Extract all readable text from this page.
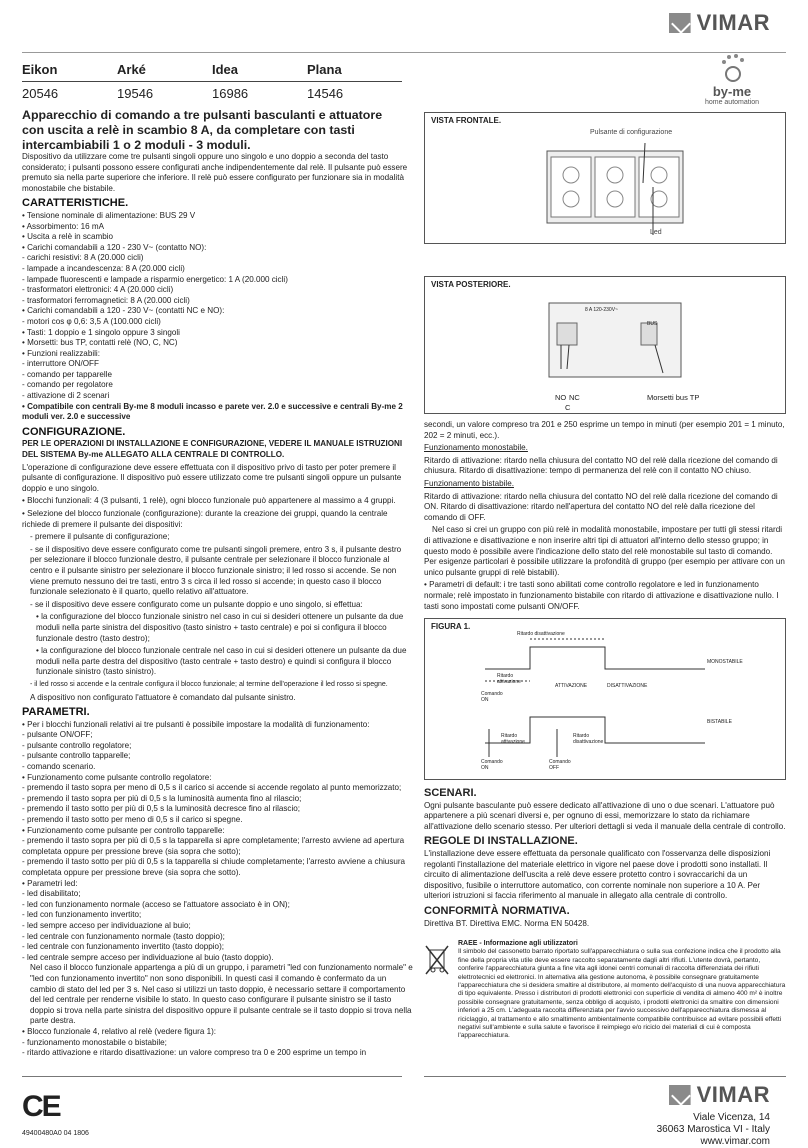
VIMAR
Eikon	Arké	Idea	Plana
20546	19546	16986	14546	by-me
home automation
Apparecchio di comando a tre pulsanti basculanti e attuatore con uscita a relè in scambio 8 A, da completare con tasti intercambiabili 1 o 2 moduli - 3 moduli.

Dispositivo da utilizzare come tre pulsanti singoli oppure uno singolo e uno doppio a seconda del tasto considerato; i pulsanti possono essere configurati anche indipendentemente dal relè. Il pulsante può essere premuto sia nella parte superiore che inferiore. Il relè può essere configurato per funzionare sia in modalità monostabile che bistabile.

CARATTERISTICHE.
• Tensione nominale di alimentazione: BUS 29 V
• Assorbimento: 16 mA
• Uscita a relè in scambio
• Carichi comandabili a 120 - 230 V~ (contatto NO):
- carichi resistivi: 8 A (20.000 cicli)
- lampade a incandescenza: 8 A (20.000 cicli)
- lampade fluorescenti e lampade a risparmio energetico: 1 A (20.000 cicli)
- trasformatori elettronici: 4 A (20.000 cicli)
- trasformatori ferromagnetici: 8 A (20.000 cicli)
• Carichi comandabili a 120 - 230 V~ (contatti NC e NO):
- motori cos φ 0,6: 3,5 A (100.000 cicli)
• Tasti: 1 doppio e 1 singolo oppure 3 singoli
• Morsetti: bus TP, contatti relè (NO, C, NC)
• Funzioni realizzabili:
- interruttore ON/OFF
- comando per tapparelle
- comando per regolatore
- attivazione di 2 scenari
• Compatibile con centrali By-me 8 moduli incasso e parete ver. 2.0 e successive e centrali By-me 2 moduli ver. 2.0 e successive
CONFIGURAZIONE.

PER LE OPERAZIONI DI INSTALLAZIONE E CONFIGURAZIONE, VEDERE IL MANUALE ISTRUZIONI DEL SISTEMA By-me ALLEGATO ALLA CENTRALE DI CONTROLLO.

L'operazione di configurazione deve essere effettuata con il dispositivo privo di tasto per poter premere il pulsante di configurazione. Il dispositivo può essere utilizzato come tre pulsanti singoli oppure un pulsante doppio e uno singolo.

• Blocchi funzionali: 4 (3 pulsanti, 1 relè), ogni blocco funzionale può appartenere al massimo a 4 gruppi.

• Selezione del blocco funzionale (configurazione): durante la creazione dei gruppi, quando la centrale richiede di premere il pulsante dei dispositivi:

- premere il pulsante di configurazione;

- se il dispositivo deve essere configurato come tre pulsanti singoli premere, entro 3 s, il pulsante destro per selezionare il blocco funzionale destro, il pulsante centrale per selezionare il blocco funzionale al centro e il pulsante sinistro per selezionare il blocco funzionale sinistro; il led rosso si accende. Se non viene premuto nessuno dei tre tasti, entro 3 s circa il led rosso si accende; in questo caso il blocco funzionale selezionato è il quarto, quello relativo all'attuatore.

- se il dispositivo deve essere configurato come un pulsante doppio e uno singolo, si effettua:

• la configurazione del blocco funzionale sinistro nel caso in cui si desideri ottenere un pulsante da due moduli nella parte sinistra del dispositivo (tasto sinistro + tasto centrale) e poi si configura il blocco funzionale destro (tasto destro);

• la configurazione del blocco funzionale centrale nel caso in cui si desideri ottenere un pulsante da due moduli nella parte destra del dispositivo (tasto centrale + tasto destro) e quindi si configura il blocco funzionale sinistro (tasto sinistro).

- il led rosso si accende e la centrale configura il blocco funzionale; al termine dell'operazione il led rosso si spegne.

A dispositivo non configurato l'attuatore è comandato dal pulsante sinistro.

PARAMETRI.
• Per i blocchi funzionali relativi ai tre pulsanti è possibile impostare la modalità di funzionamento:
- pulsante ON/OFF;
- pulsante controllo regolatore;
- pulsante controllo tapparelle;
- comando scenario.
• Funzionamento come pulsante controllo regolatore:
- premendo il tasto sopra per meno di 0,5 s il carico si accende si accende regolato al punto memorizzato;
- premendo il tasto sopra per più di 0,5 s la luminosità aumenta fino al rilascio;
- premendo il tasto sotto per più di 0,5 s la luminosità decresce fino al rilascio;
- premendo il tasto sotto per meno di 0,5 s il carico si spegne.
• Funzionamento come pulsante per controllo tapparelle:
- premendo il tasto sopra per più di 0,5 s la tapparella si apre completamente; l'arresto avviene ad apertura completata oppure per pressione breve (sia sopra che sotto);
- premendo il tasto sotto per più di 0,5 s la tapparella si chiude completamente; l'arresto avviene a chiusura completata oppure per pressione breve (sia sopra che sotto).
• Parametri led:
- led disabilitato;
- led con funzionamento normale (acceso se l'attuatore associato è in ON);
- led con funzionamento invertito;
- led sempre acceso per individuazione al buio;
- led centrale con funzionamento normale (tasto doppio);
- led centrale con funzionamento invertito (tasto doppio);
- led centrale sempre acceso per individuazione al buio (tasto doppio).
Nel caso il blocco funzionale appartenga a più di un gruppo, i parametri "led con funzionamento normale" e "led con funzionamento invertito" non sono disponibili. In questi casi il comando è confermato da un cambio di stato del led per 3 s. Nel caso si utilizzi un tasto doppio, è necessario settare il comportamento del led centrale per renderne visibile lo stato. In questo caso configurare il pulsante sinistro se il tasto doppio si trova nella parte sinistra del dispositivo oppure il pulsante centrale se il tasto doppio si trova nella parte destra.
• Blocco funzionale 4, relativo al relè (vedere figura 1):
- funzionamento monostabile o bistabile;
- ritardo attivazione e ritardo disattivazione: un valore compreso tra 0 e 200 esprime un tempo in
VISTA FRONTALE.
Pulsante di configurazione
Led
VISTA POSTERIORE.
8 A 120-230V~
BUS
NO NC
C
Morsetti bus TP

secondi, un valore compreso tra 201 e 250 esprime un tempo in minuti (per esempio 201 = 1 minuto, 202 = 2 minuti, ecc.).

Funzionamento monostabile.

Ritardo di attivazione: ritardo nella chiusura del contatto NO del relè dalla ricezione del comando di chiusura. Ritardo di disattivazione: tempo di permanenza del relè con il contatto NO chiuso.

Funzionamento bistabile.

Ritardo di attivazione: ritardo nella chiusura del contatto NO del relè dalla ricezione del comando di ON. Ritardo di disattivazione: ritardo nell'apertura del contatto NO del relè dalla ricezione del comando di OFF.

Nel caso si crei un gruppo con più relè in modalità monostabile, impostare per tutti gli stessi ritardi di attivazione e disattivazione e non inserire altri tipi di attuatori all'interno dello stesso gruppo; in questo modo è possibile avere l'indicazione dello stato del relè monostabile sul tasto di comando. Per esigenze particolari è possibile utilizzare la profondità di gruppo (per esempio per attivare con un unico pulsante gruppi di relè bistabili).

• Parametri di default: i tre tasti sono abilitati come controllo regolatore e led in funzionamento normale; relè impostato in funzionamento bistabile con ritardo di attivazione e disattivazione nullo. I tasti sono impostati come pulsanti ON/OFF.

FIGURA 1.
Ritardo disattivazione
Ritardo attivazione
MONOSTABILE
ATTIVAZIONE	DISATTIVAZIONE
Comando ON
BISTABILE
Ritardo attivazione
Ritardo disattivazione
Comando ON
Comando OFF
SCENARI.

Ogni pulsante basculante può essere dedicato all'attivazione di uno o due scenari. L'attuatore può appartenere a più scenari diversi e, per ognuno di essi, memorizzare lo stato da richiamare all'attivazione dello scenario stesso. Per ulteriori dettagli si veda il manuale della centrale di controllo.

REGOLE DI INSTALLAZIONE.

L'installazione deve essere effettuata da personale qualificato con l'osservanza delle disposizioni regolanti l'installazione del materiale elettrico in vigore nel paese dove i prodotti sono installati. Il circuito di alimentazione dell'uscita a relè deve essere protetto contro i sovraccarichi da un dispositivo, fusibile o interruttore automatico, con corrente nominale non superiore a 10 A. Per ulteriori istruzioni si faccia riferimento al manuale in allegato alla centrale di controllo.

CONFORMITÀ NORMATIVA.

Direttiva BT. Direttiva EMC. Norma EN 50428.

RAEE - Informazione agli utilizzatori
Il simbolo del cassonetto barrato riportato sull'apparecchiatura o sulla sua confezione indica che il prodotto alla fine della propria vita utile deve essere raccolto separatamente dagli altri rifiuti. L'utente dovrà, pertanto, conferire l'apparecchiatura giunta a fine vita agli idonei centri comunali di raccolta differenziata dei rifiuti elettrotecnici ed elettronici. In alternativa alla gestione autonoma, è possibile consegnare gratuitamente l'apparecchiatura che si desidera smaltire al distributore, al momento dell'acquisto di una nuova apparecchiatura di tipo equivalente. Presso i distributori di prodotti elettronici con superficie di vendita di almeno 400 m² è inoltre possibile consegnare gratuitamente, senza obbligo di acquisto, i prodotti elettronici da smaltire con dimensioni inferiori a 25 cm. L'adeguata raccolta differenziata per l'avvio successivo dell'apparecchiatura dismessa al riciclaggio, al trattamento e allo smaltimento ambientalmente compatibile contribuisce ad evitare possibili effetti negativi sull'ambiente e sulla salute e favorisce il reimpiego e/o riciclo dei materiali di cui è composta l'apparecchiatura.
CE
49400480A0 04 1806
VIMAR
Viale Vicenza, 14
36063 Marostica VI - Italy
www.vimar.com
